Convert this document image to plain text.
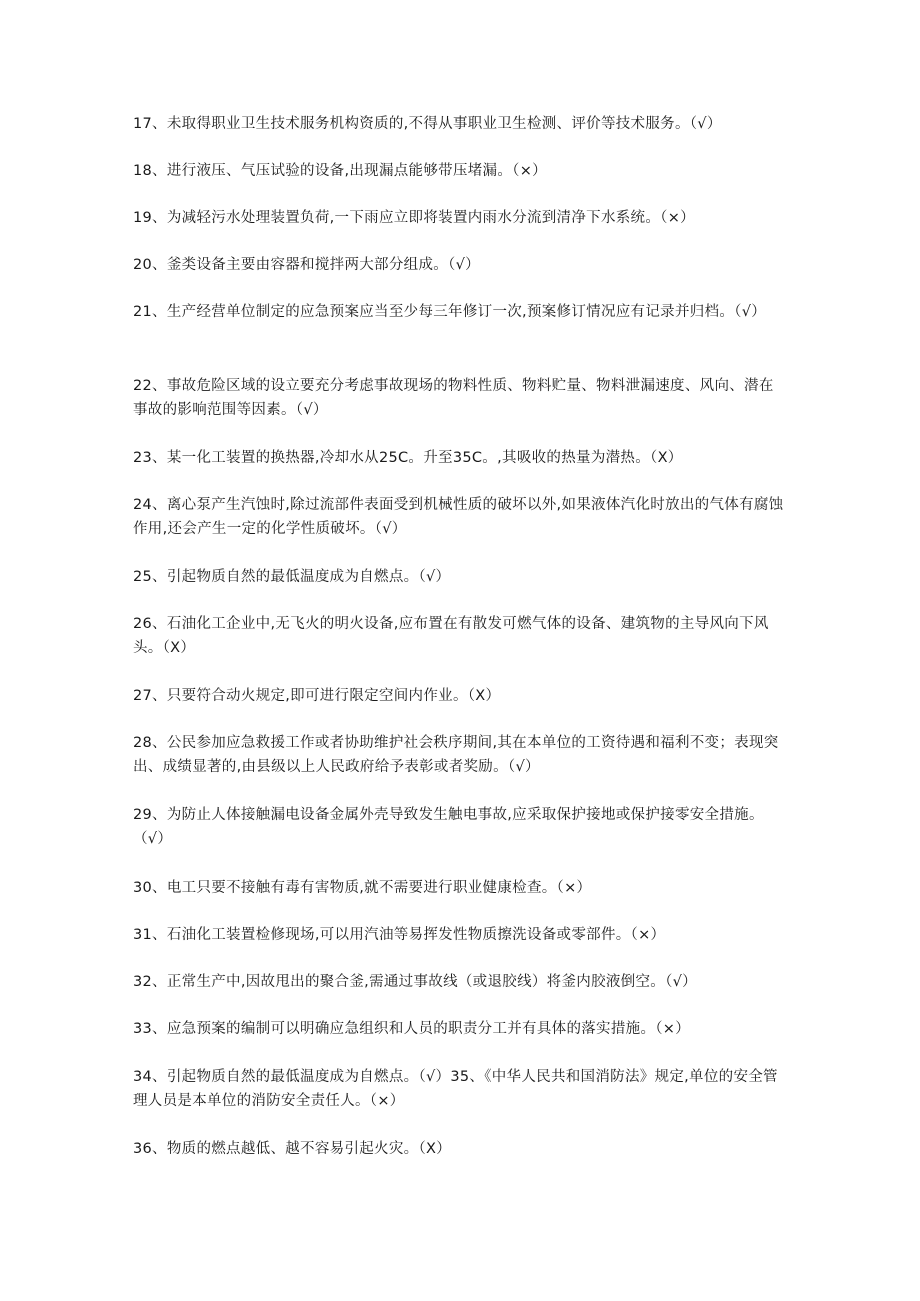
17、未取得职业卫生技术服务机构资质的,不得从事职业卫生检测、评价等技术服务。（√）

18、进行液压、气压试验的设备,出现漏点能够带压堵漏。（×）

19、为减轻污水处理装置负荷,一下雨应立即将装置内雨水分流到清净下水系统。（×）

20、釜类设备主要由容器和搅拌两大部分组成。（√）

21、生产经营单位制定的应急预案应当至少每三年修订一次,预案修订情况应有记录并归档。（√）

22、事故危险区域的设立要充分考虑事故现场的物料性质、物料贮量、物料泄漏速度、风向、潜在事故的影响范围等因素。（√）

23、某一化工装置的换热器,冷却水从25C。升至35C。,其吸收的热量为潜热。（X）

24、离心泵产生汽蚀时,除过流部件表面受到机械性质的破坏以外,如果液体汽化时放出的气体有腐蚀作用,还会产生一定的化学性质破坏。（√）

25、引起物质自然的最低温度成为自燃点。（√）

26、石油化工企业中,无飞火的明火设备,应布置在有散发可燃气体的设备、建筑物的主导风向下风头。（X）

27、只要符合动火规定,即可进行限定空间内作业。（X）

28、公民参加应急救援工作或者协助维护社会秩序期间,其在本单位的工资待遇和福利不变；表现突出、成绩显著的,由县级以上人民政府给予表彰或者奖励。（√）

29、为防止人体接触漏电设备金属外壳导致发生触电事故,应采取保护接地或保护接零安全措施。（√）

30、电工只要不接触有毒有害物质,就不需要进行职业健康检查。（×）

31、石油化工装置检修现场,可以用汽油等易挥发性物质擦洗设备或零部件。（×）

32、正常生产中,因故甩出的聚合釜,需通过事故线（或退胶线）将釜内胶液倒空。（√）

33、应急预案的编制可以明确应急组织和人员的职责分工并有具体的落实措施。（×）

34、引起物质自然的最低温度成为自燃点。（√）35、《中华人民共和国消防法》规定,单位的安全管理人员是本单位的消防安全责任人。（×）

36、物质的燃点越低、越不容易引起火灾。（X）
